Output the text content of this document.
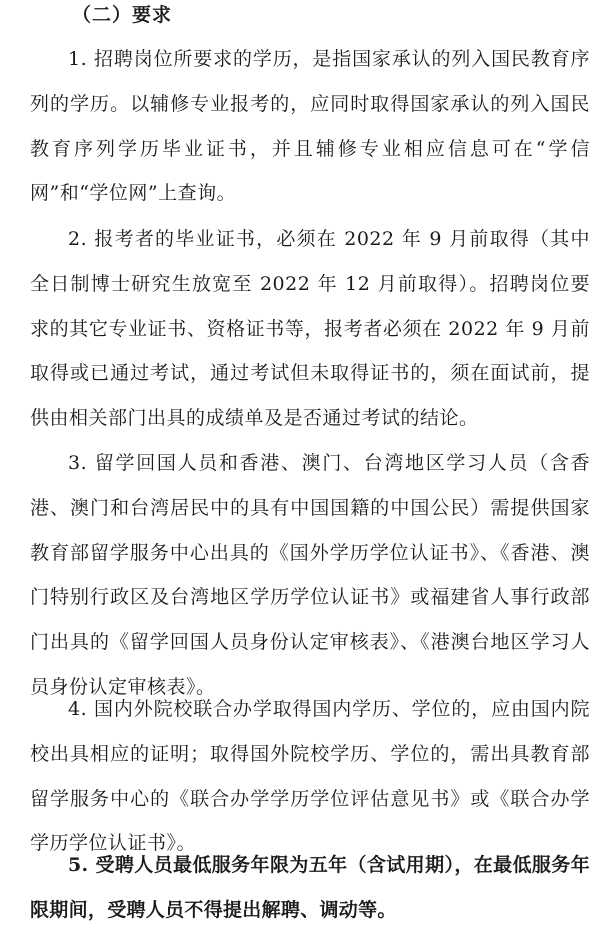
（二）要求

1. 招聘岗位所要求的学历，是指国家承认的列入国民教育序列的学历。以辅修专业报考的，应同时取得国家承认的列入国民教育序列学历毕业证书，并且辅修专业相应信息可在“学信网”和“学位网”上查询。

2. 报考者的毕业证书，必须在 2022 年 9 月前取得（其中全日制博士研究生放宽至 2022 年 12 月前取得）。招聘岗位要求的其它专业证书、资格证书等，报考者必须在 2022 年 9 月前取得或已通过考试，通过考试但未取得证书的，须在面试前，提供由相关部门出具的成绩单及是否通过考试的结论。

3. 留学回国人员和香港、澳门、台湾地区学习人员（含香港、澳门和台湾居民中的具有中国国籍的中国公民）需提供国家教育部留学服务中心出具的《国外学历学位认证书》、《香港、澳门特别行政区及台湾地区学历学位认证书》或福建省人事行政部门出具的《留学回国人员身份认定审核表》、《港澳台地区学习人员身份认定审核表》。

4. 国内外院校联合办学取得国内学历、学位的，应由国内院校出具相应的证明；取得国外院校学历、学位的，需出具教育部留学服务中心的《联合办学学历学位评估意见书》或《联合办学学历学位认证书》。

5. 受聘人员最低服务年限为五年（含试用期），在最低服务年限期间，受聘人员不得提出解聘、调动等。
